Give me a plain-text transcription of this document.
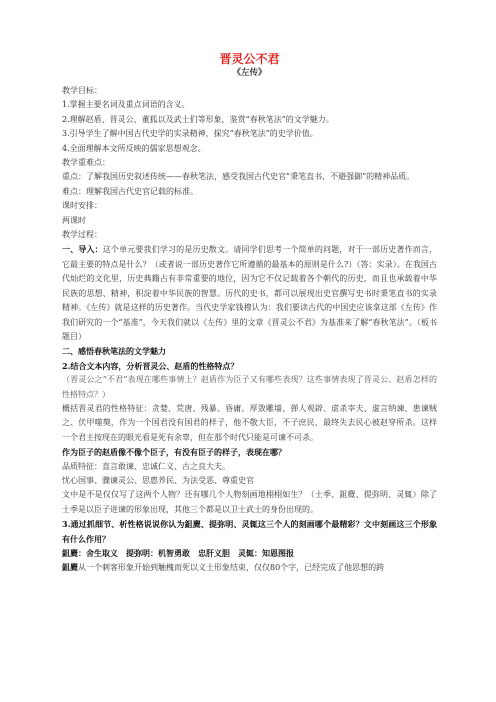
晋灵公不君

《左传》

教学目标：

1.掌握主要名词及重点词语的含义。

2.理解赵盾、晋灵公、董狐以及武士们等形象，鉴赏“春秋笔法”的文学魅力。

3.引导学生了解中国古代史学的实录精神，探究“春秋笔法”的史学价值。

4.全面理解本文所反映的儒家思想观念。

教学重难点：

重点：了解我国历史叙述传统——春秋笔法，感受我国古代史官“秉笔直书，不避强御”的精神品质。

难点：理解我国古代史官记载的标准。

课时安排：

两课时

教学过程：

一、导入：这个单元要我们学习的是历史散文。请同学们思考一个简单的问题，对于一部历史著作而言，它最主要的特点是什么？（或者说一部历史著作它所遵循的最基本的原则是什么?）（答：实录）。在我国古代灿烂的文化里，历史典籍占有非常重要的地位，因为它不仅记载着各个朝代的历史，而且也承载着中华民族的思想、精神，积淀着中华民族的智慧。历代的史书，都可以展现出史官撰写史书时秉笔直书的实录精神。《左传》就是这样的历史著作。当代史学家钱穆认为：我们要读古代的中国史应该拿这部《左传》作我们研究的一个“基准”，今天我们就以《左传》里的文章《晋灵公不君》为基准来了解“春秋笔法”。（板书题目）

二、感悟春秋笔法的文学魅力

2.结合文本内容，分析晋灵公、赵盾的性格特点？

（晋灵公之“不君”表现在哪些事情上？赵盾作为臣子又有哪些表现？这些事情表现了晋灵公、赵盾怎样的性格特点？）

概括晋灵君的性格特征：贪婪、荒唐、残暴、昏庸。厚敛雕墙、弹人观辟、虐杀宰夫、虚言纳谏、患谏贼之、伏甲噬獒，作为一个国君没有国君的样子，他不敬大臣，不子庶民，最终失去民心被赵穿所杀。这样一个君主按现在的眼光看是死有余辜，但在那个时代只能是可谏不可杀。

作为臣子的赵盾像不像个臣子，有没有臣子的样子，表现在哪？

品质特征：直言敢谏、忠诚仁义、古之良大夫。

忧心国事、骤谏灵公、思惠养民、为法受恶、尊重史官

文中是不是仅仅写了这两个人物？还有哪几个人物刻画地栩栩如生？（士季、鉏麑、提弥明、灵辄）除了士季是以臣子进谏的形象出现，其他三个都是以卫士武士的身份出现的。

3.通过抓细节、析性格说说你认为鉏麑、提弥明、灵辄这三个人的刻画哪个最精彩？文中刻画这三个形象有什么作用？

鉏麑：舍生取义　提弥明：机智勇敢　忠肝义胆　灵辄：知恩图报

鉏麑从一个刺客形象开始到触槐而死以义士形象结束，仅仅80个字，已经完成了他思想的跨
